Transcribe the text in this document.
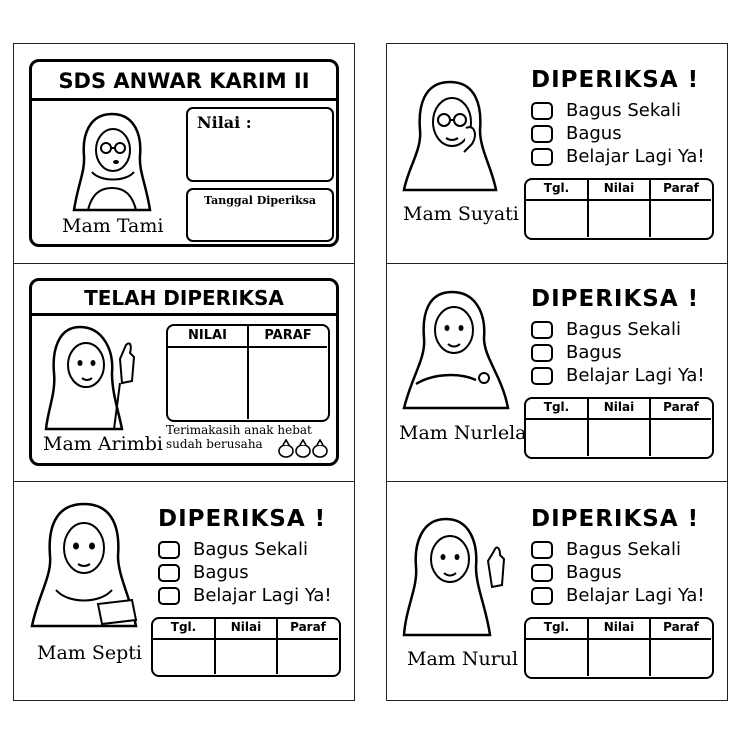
SDS ANWAR KARIM II
Nilai :
Tanggal Diperiksa
Mam Tami
TELAH DIPERIKSA
NILAI	PARAF
Terimakasih anak hebat
sudah berusaha
Mam Arimbi
Mam Septi
DIPERIKSA !
Bagus Sekali
Bagus
Belajar Lagi Ya!
Tgl.	Nilai	Paraf
Mam Suyati
DIPERIKSA !
Bagus Sekali
Bagus
Belajar Lagi Ya!
Tgl.	Nilai	Paraf
Mam Nurlela
DIPERIKSA !
Bagus Sekali
Bagus
Belajar Lagi Ya!
Tgl.	Nilai	Paraf
Mam Nurul
DIPERIKSA !
Bagus Sekali
Bagus
Belajar Lagi Ya!
Tgl.	Nilai	Paraf
